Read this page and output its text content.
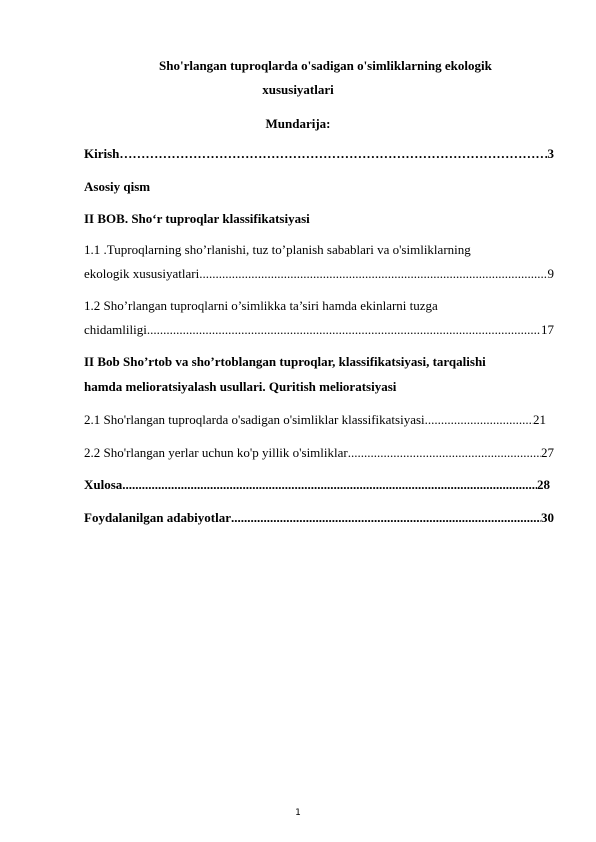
Sho'rlangan tuproqlarda o'sadigan o'simliklarning ekologik
xususiyatlari
Mundarija:
Kirish ……………………………………………………………………………………………………………………………………………………………	3
Asosiy qism
II BOB. Sho‘r tuproqlar klassifikatsiyasi
1.1 .Tuproqlarning sho’rlanishi, tuz to’planish sabablari va o'simliklarning
ekologik xususiyatlari .....	9
1.2 Sho’rlangan tuproqlarni o’simlikka ta’siri hamda ekinlarni tuzga
chidamliligi .....	17
II Bob Sho’rtob va sho’rtoblangan tuproqlar, klassifikatsiyasi, tarqalishi
hamda melioratsiyalash usullari. Quritish melioratsiyasi
2.1 Sho'rlangan tuproqlarda o'sadigan o'simliklar klassifikatsiyasi .....	21
2.2 Sho'rlangan yerlar uchun ko'p yillik o'simliklar .....	27
Xulosa .....	28
Foydalanilgan adabiyotlar .....	30
1
